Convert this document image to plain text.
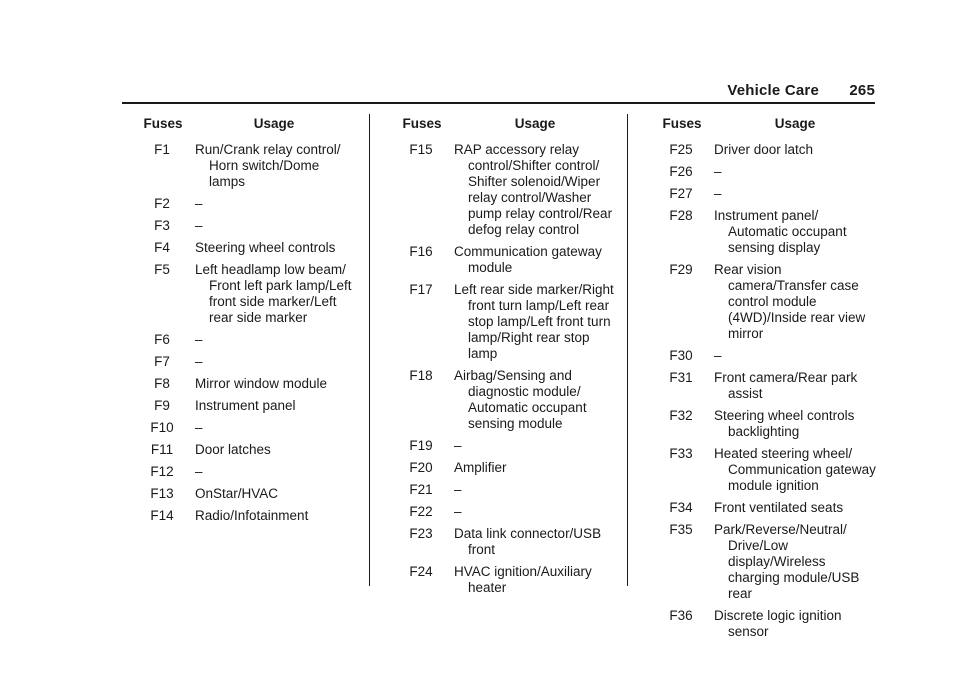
Vehicle Care 265
Fuses	Usage
F1	Run/Crank relay control/ Horn switch/Dome lamps
F2	–
F3	–
F4	Steering wheel controls
F5	Left headlamp low beam/ Front left park lamp/Left front side marker/Left rear side marker
F6	–
F7	–
F8	Mirror window module
F9	Instrument panel
F10	–
F11	Door latches
F12	–
F13	OnStar/HVAC
F14	Radio/Infotainment
Fuses	Usage
F15	RAP accessory relay control/Shifter control/ Shifter solenoid/Wiper relay control/Washer pump relay control/Rear defog relay control
F16	Communication gateway module
F17	Left rear side marker/Right front turn lamp/Left rear stop lamp/Left front turn lamp/Right rear stop lamp
F18	Airbag/Sensing and diagnostic module/ Automatic occupant sensing module
F19	–
F20	Amplifier
F21	–
F22	–
F23	Data link connector/USB front
F24	HVAC ignition/Auxiliary heater
Fuses	Usage
F25	Driver door latch
F26	–
F27	–
F28	Instrument panel/ Automatic occupant sensing display
F29	Rear vision camera/Transfer case control module (4WD)/Inside rear view mirror
F30	–
F31	Front camera/Rear park assist
F32	Steering wheel controls backlighting
F33	Heated steering wheel/ Communication gateway module ignition
F34	Front ventilated seats
F35	Park/Reverse/Neutral/ Drive/Low display/Wireless charging module/USB rear
F36	Discrete logic ignition sensor
